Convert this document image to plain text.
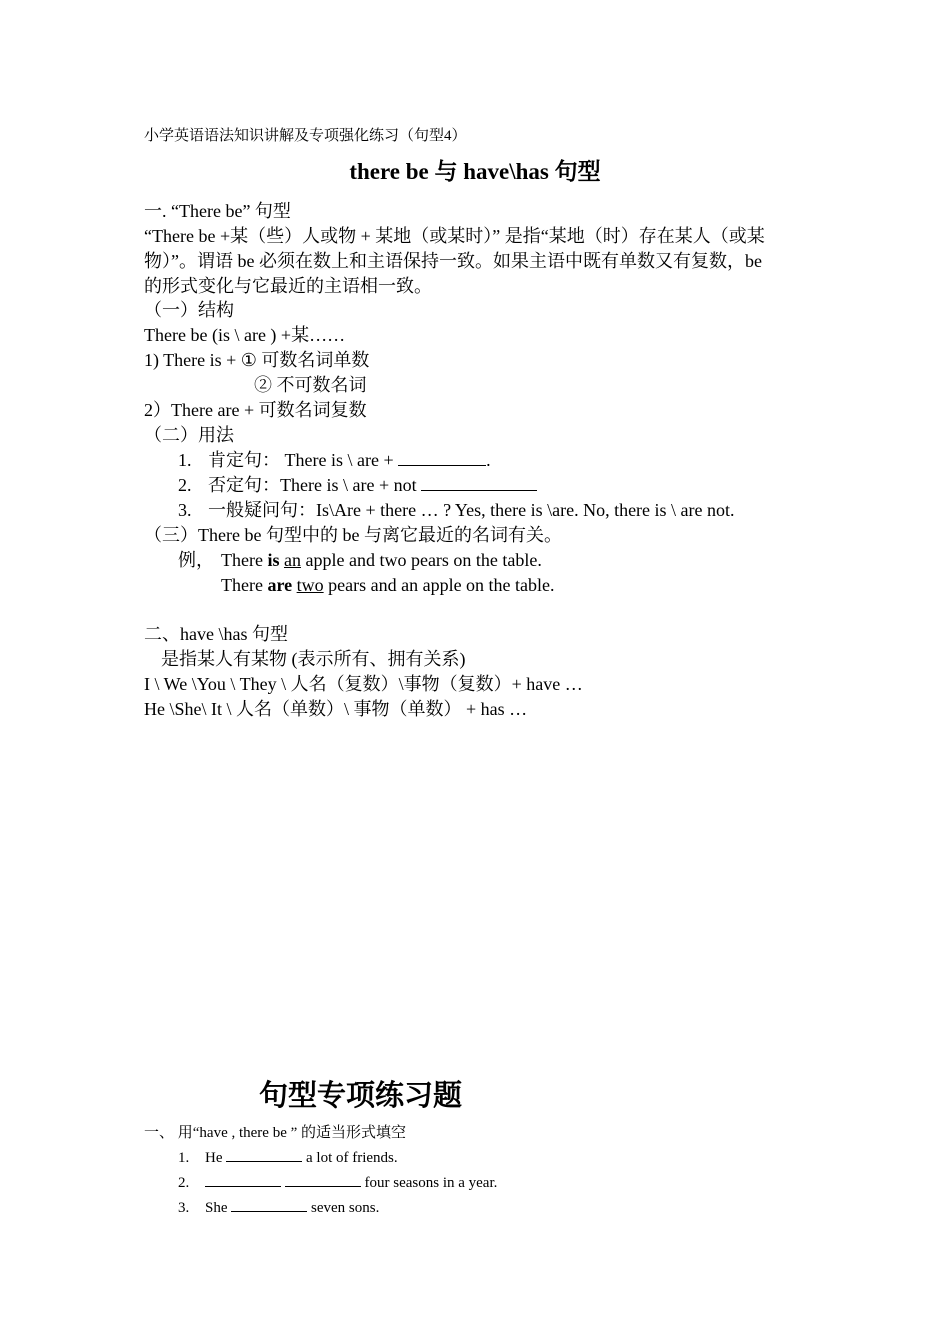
小学英语语法知识讲解及专项强化练习（句型4）
there be 与 have\has 句型
一. “There be” 句型
“There be +某（些）人或物 + 某地（或某时）” 是指“某地（时）存在某人（或某
物）”。谓语 be 必须在数上和主语保持一致。如果主语中既有单数又有复数，be
的形式变化与它最近的主语相一致。
（一）结构
There be (is \ are ) +某……
1) There is + ① 可数名词单数
② 不可数名词
2）There are + 可数名词复数
（二）用法
1. 肯定句： There is \ are +	.
2. 否定句：There is \ are + not
3. 一般疑问句：Is\Are + there … ? Yes, there is \are. No, there is \ are not.
（三）There be 句型中的 be 与离它最近的名词有关。
例， There is an apple and two pears on the table.
There are two pears and an apple on the table.
二、have \has 句型
是指某人有某物 (表示所有、拥有关系)
I \ We \You \ They \ 人名（复数）\事物（复数）+ have …
He \She\ It \ 人名（单数）\ 事物（单数） + has …
句型专项练习题
一、 用“have , there be ” 的适当形式填空
1. He	a lot of friends.
2.	four seasons in a year.
3. She	seven sons.
